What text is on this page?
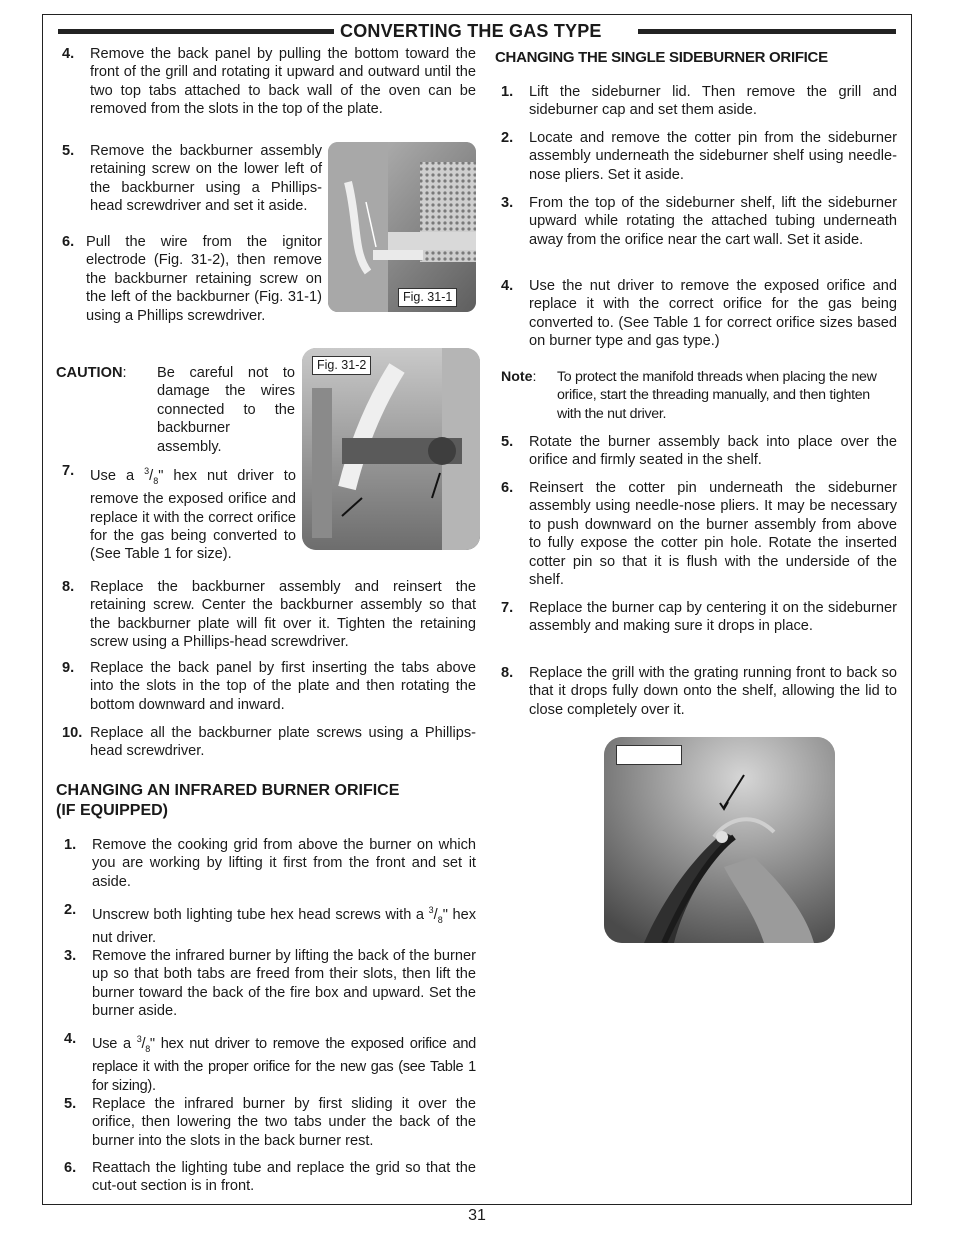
CONVERTING THE GAS TYPE
4. Remove the back panel by pulling the bottom toward the front of the grill and rotating it upward and outward until the two top tabs attached to back wall of the oven can be removed from the slots in the top of the plate.
5. Remove the backburner assembly retaining screw on the lower left of the backburner using a Phillips-head screwdriver and set it aside.
6. Pull the wire from the ignitor electrode (Fig. 31-2), then remove the backburner retaining screw on the left of the backburner (Fig. 31-1) using a Phillips screwdriver.
Fig. 31-1
CAUTION: Be careful not to damage the wires connected to the backburner assembly.
7. Use a $^3/_8$" hex nut driver to remove the exposed orifice and replace it with the correct orifice for the gas being converted to (See Table 1 for size).
Fig. 31-2
8. Replace the backburner assembly and reinsert the retaining screw. Center the backburner assembly so that the backburner plate will fit over it. Tighten the retaining screw using a Phillips-head screwdriver.
9. Replace the back panel by first inserting the tabs above into the slots in the top of the plate and then rotating the bottom downward and inward.
10. Replace all the backburner plate screws using a Phillips-head screwdriver.
CHANGING AN INFRARED BURNER ORIFICE
(IF EQUIPPED)
1. Remove the cooking grid from above the burner on which you are working by lifting it first from the front and set it aside.
2. Unscrew both lighting tube hex head screws with a $^3/_8$" hex nut driver.
3. Remove the infrared burner by lifting the back of the burner up so that both tabs are freed from their slots, then lift the burner toward the back of the fire box and upward. Set the burner aside.
4. Use a $^3/_8$" hex nut driver to remove the exposed orifice and replace it with the proper orifice for the new gas (see Table 1 for sizing).
5. Replace the infrared burner by first sliding it over the orifice, then lowering the two tabs under the back of the burner into the slots in the back burner rest.
6. Reattach the lighting tube and replace the grid so that the cut-out section is in front.
CHANGING THE SINGLE SIDEBURNER ORIFICE
1. Lift the sideburner lid. Then remove the grill and sideburner cap and set them aside.
2. Locate and remove the cotter pin from the sideburner assembly underneath the sideburner shelf using needle-nose pliers. Set it aside.
3. From the top of the sideburner shelf, lift the sideburner upward while rotating the attached tubing underneath away from the orifice near the cart wall. Set it aside.
4. Use the nut driver to remove the exposed orifice and replace it with the correct orifice for the gas being converted to. (See Table 1 for correct orifice sizes based on burner type and gas type.)
Note: To protect the manifold threads when placing the new orifice, start the threading manually, and then tighten with the nut driver.
5. Rotate the burner assembly back into place over the orifice and firmly seated in the shelf.
6. Reinsert the cotter pin underneath the sideburner assembly using needle-nose pliers. It may be necessary to push downward on the burner assembly from above to fully expose the cotter pin hole. Rotate the inserted cotter pin so that it is flush with the underside of the shelf.
7. Replace the burner cap by centering it on the sideburner assembly and making sure it drops in place.
8. Replace the grill with the grating running front to back so that it drops fully down onto the shelf, allowing the lid to close completely over it.
31
